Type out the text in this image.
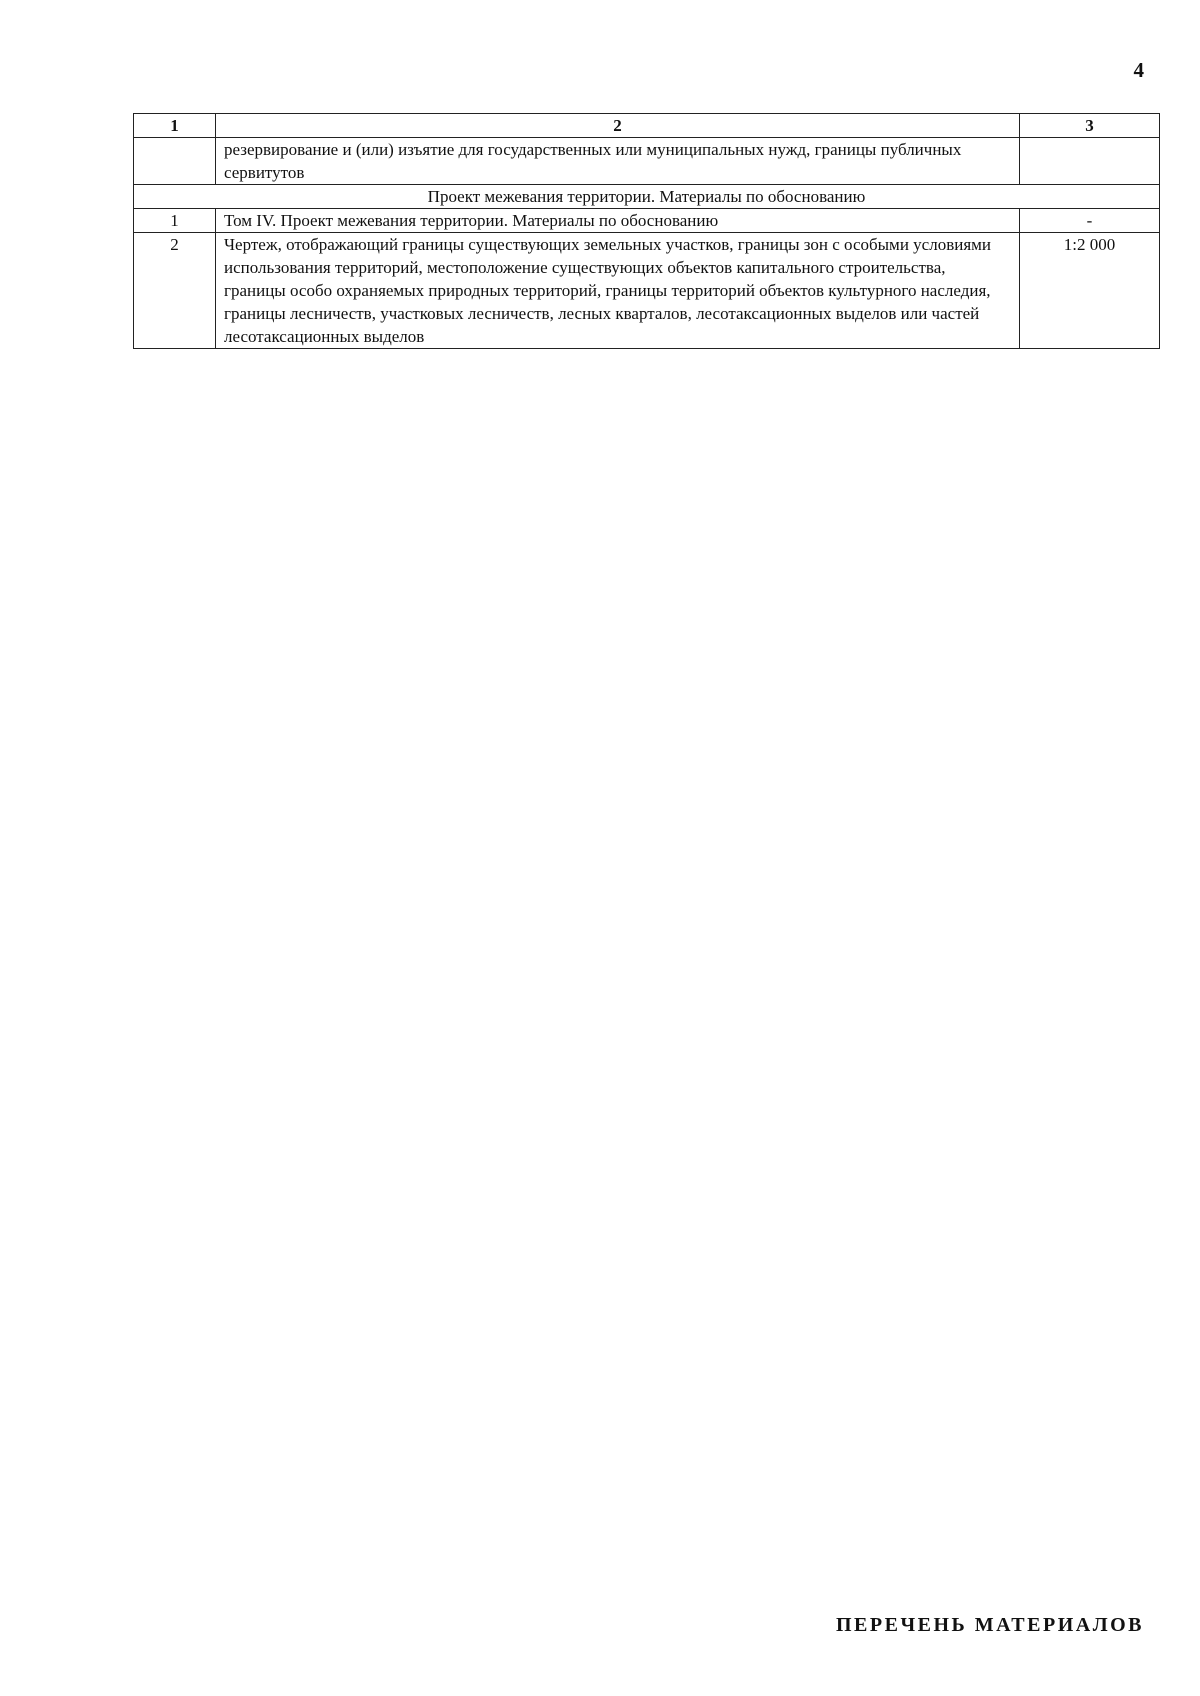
4
1	2	3
	резервирование и (или) изъятие для государственных или муниципальных нужд, границы публичных сервитутов	
Проект межевания территории. Материалы по обоснованию		
1	Том IV. Проект межевания территории. Материалы по обоснованию	-
2	Чертеж, отображающий границы существующих земельных участков, границы зон с особыми условиями использования территорий, местоположение существующих объектов капитального строительства, границы особо охраняемых природных территорий, границы территорий объектов культурного наследия, границы лесничеств, участковых лесничеств, лесных кварталов, лесотаксационных выделов или частей лесотаксационных выделов	1:2 000
ПЕРЕЧЕНЬ МАТЕРИАЛОВ
